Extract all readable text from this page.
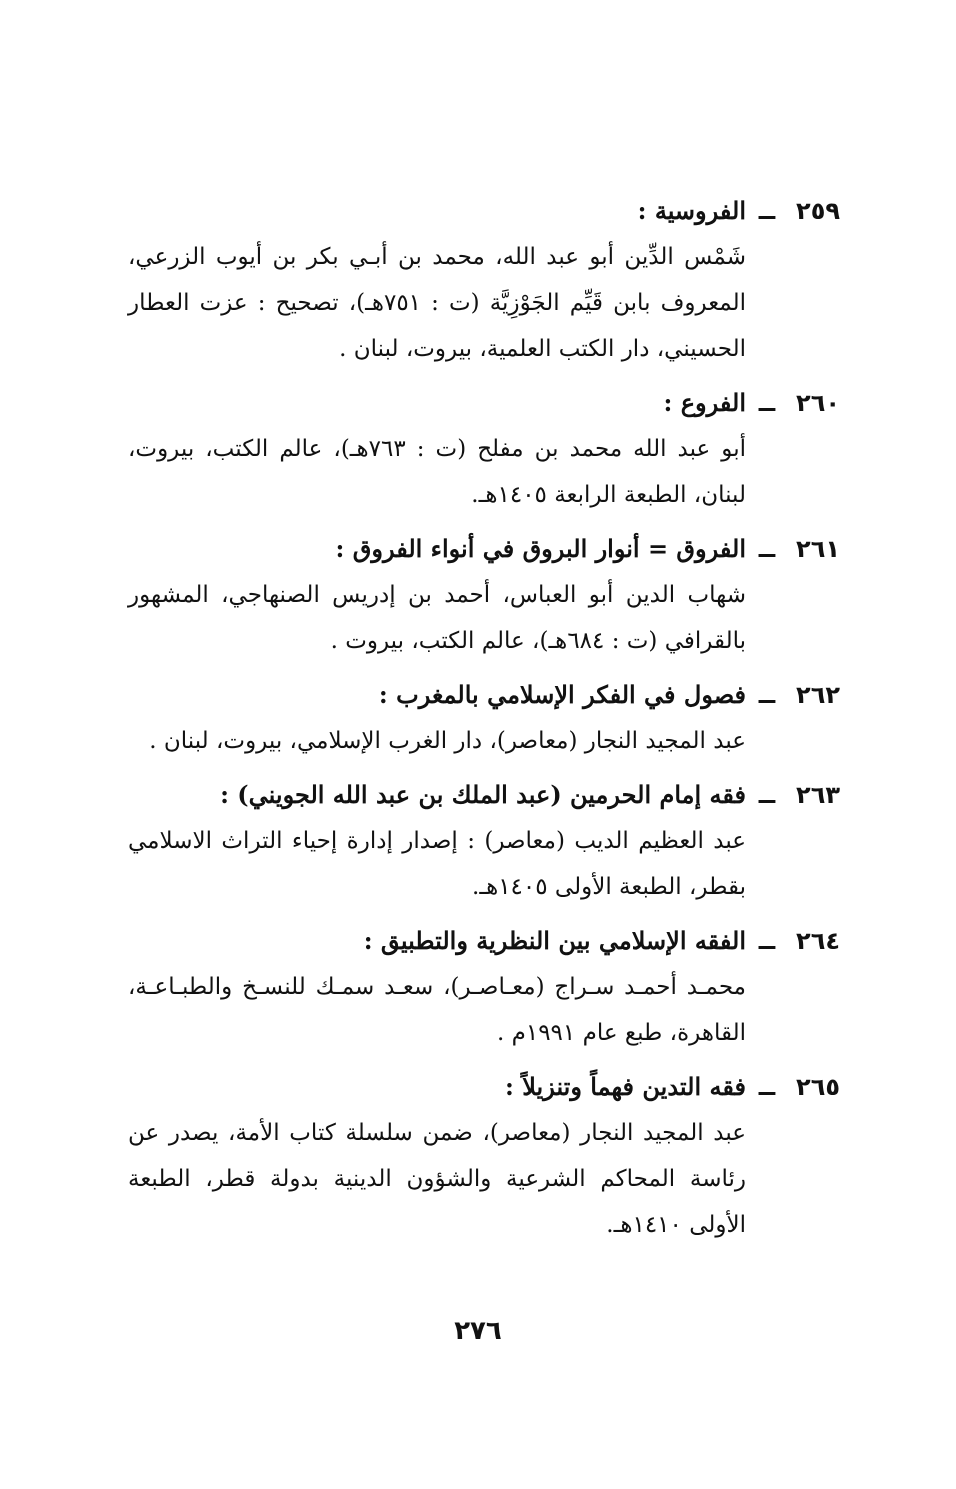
٢٥٩
ــ
الفروسية :
شَمْس الدِّين أبو عبد الله، محمد بن أبـي بكر بن أيوب الزرعي، المعروف بابن قَيِّم الجَوْزِيَّة (ت : ٧٥١هـ)، تصحيح : عزت العطار الحسيني، دار الكتب العلمية، بيروت، لبنان .
٢٦٠
ــ
الفروع :
أبو عبد الله محمد بن مفلح (ت : ٧٦٣هـ)، عالم الكتب، بيروت، لبنان، الطبعة الرابعة ١٤٠٥هـ.
٢٦١
ــ
الفروق = أنوار البروق في أنواء الفروق :
شهاب الدين أبو العباس، أحمد بن إدريس الصنهاجي، المشهور بالقرافي (ت : ٦٨٤هـ)، عالم الكتب، بيروت .
٢٦٢
ــ
فصول في الفكر الإسلامي بالمغرب :
عبد المجيد النجار (معاصر)، دار الغرب الإسلامي، بيروت، لبنان .
٢٦٣
ــ
فقه إمام الحرمين (عبد الملك بن عبد الله الجويني) :
عبد العظيم الديب (معاصر) : إصدار إدارة إحياء التراث الاسلامي بقطر، الطبعة الأولى ١٤٠٥هـ.
٢٦٤
ــ
الفقه الإسلامي بين النظرية والتطبيق :
محمـد أحمـد سـراج (معـاصـر)، سعـد سمـك للنسـخ والطبـاعـة، القاهرة، طبع عام ١٩٩١م .
٢٦٥
ــ
فقه التدين فهماً وتنزيلاً :
عبد المجيد النجار (معاصر)، ضمن سلسلة كتاب الأمة، يصدر عن رئاسة المحاكم الشرعية والشؤون الدينية بدولة قطر، الطبعة الأولى ١٤١٠هـ.
٢٧٦
